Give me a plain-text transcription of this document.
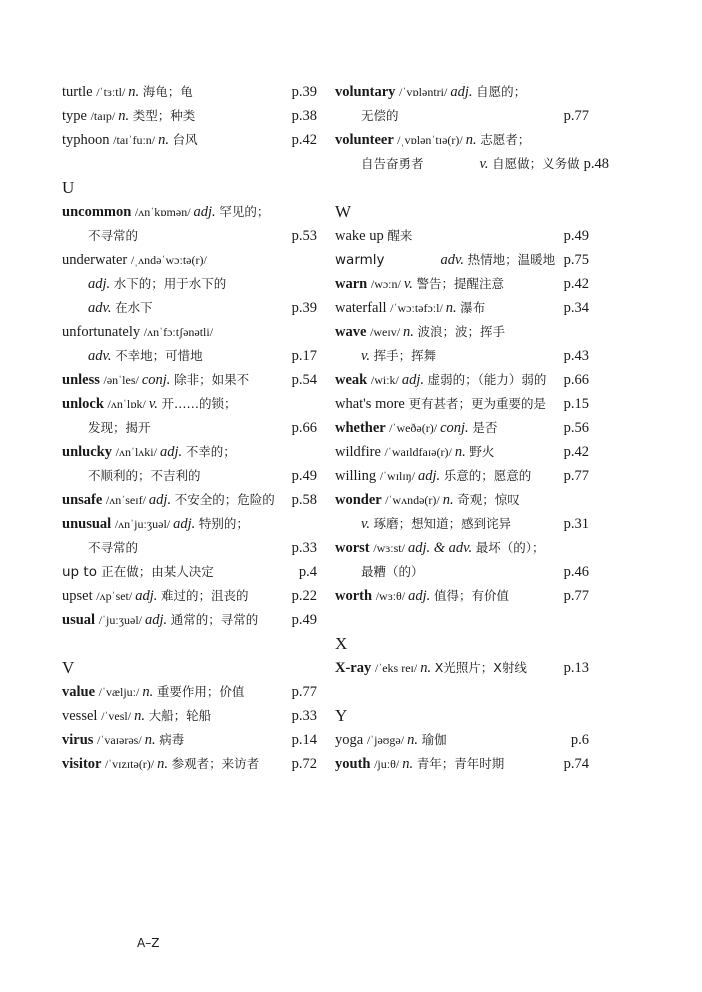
turtle /ˈtɜːtl/ n. 海龟；龟	p.39
type /taɪp/ n. 类型；种类	p.38
typhoon /taɪˈfuːn/ n. 台风	p.42
U
uncommon /ʌnˈkɒmən/ adj. 罕见的；
不寻常的	p.53
underwater /ˌʌndəˈwɔːtə(r)/
adj. 水下的；用于水下的
adv. 在水下	p.39
unfortunately /ʌnˈfɔːtʃənətli/
adv. 不幸地；可惜地	p.17
unless /ənˈles/ conj. 除非；如果不	p.54
unlock /ʌnˈlɒk/ v. 开……的锁；
发现；揭开	p.66
unlucky /ʌnˈlʌki/ adj. 不幸的；
不顺利的；不吉利的	p.49
unsafe /ʌnˈseɪf/ adj. 不安全的；危险的	p.58
unusual /ʌnˈjuːʒuəl/ adj. 特别的；
不寻常的	p.33
up to 正在做；由某人决定	p.4
upset /ʌpˈset/ adj. 难过的；沮丧的	p.22
usual /ˈjuːʒuəl/ adj. 通常的；寻常的	p.49
V
value /ˈvæljuː/ n. 重要作用；价值	p.77
vessel /ˈvesl/ n. 大船；轮船	p.33
virus /ˈvaɪərəs/ n. 病毒	p.14
visitor /ˈvɪzɪtə(r)/ n. 参观者；来访者	p.72
voluntary /ˈvɒləntri/ adj. 自愿的；
无偿的	p.77
volunteer /ˌvɒlənˈtɪə(r)/ n. 志愿者；
自告奋勇者	v. 自愿做；义务做 p.48
W
wake up 醒来	p.49
warmly	adv. 热情地；温暖地 p.75
warn /wɔːn/ v. 警告；提醒注意	p.42
waterfall /ˈwɔːtəfɔːl/ n. 瀑布	p.34
wave /weɪv/ n. 波浪；波；挥手
v. 挥手；挥舞	p.43
weak /wiːk/ adj. 虚弱的；（能力）弱的	p.66
what's more 更有甚者；更为重要的是	p.15
whether /ˈweðə(r)/ conj. 是否	p.56
wildfire /ˈwaɪldfaɪə(r)/ n. 野火	p.42
willing /ˈwɪlɪŋ/ adj. 乐意的；愿意的	p.77
wonder /ˈwʌndə(r)/ n. 奇观；惊叹
v. 琢磨；想知道；感到诧异	p.31
worst /wɜːst/ adj. & adv. 最坏（的）；
最糟（的）	p.46
worth /wɜːθ/ adj. 值得；有价值	p.77
X
X-ray /ˈeks reɪ/ n. X光照片；X射线	p.13
Y
yoga /ˈjəʊgə/ n. 瑜伽	p.6
youth /juːθ/ n. 青年；青年时期	p.74
A–Z
